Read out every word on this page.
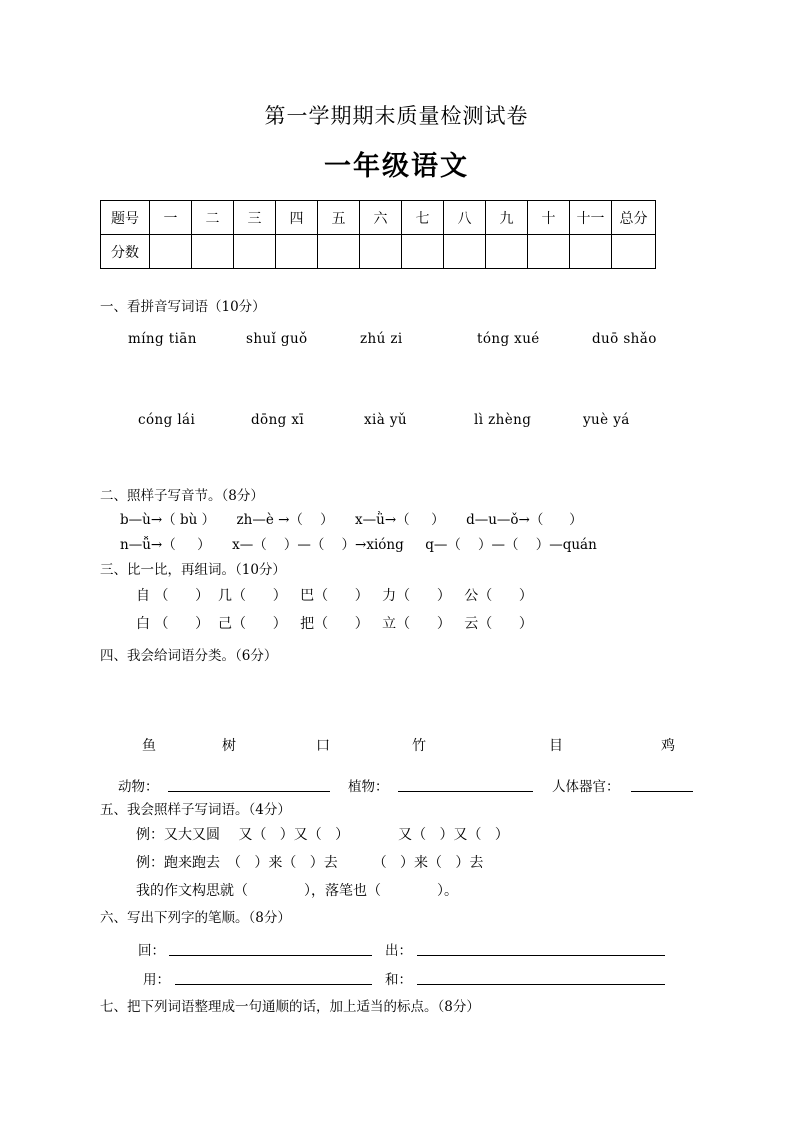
第一学期期末质量检测试卷
一年级语文
题号	一	二	三	四	五	六	七	八	九	十	十一	总分
分数												
一、看拼音写词语（10分）
míng tiān	shuǐ guǒ	zhú zi	tóng xué	duō shǎo
cóng lái	dōng xī	xià yǔ	lì zhèng	yuè yá
二、照样子写音节。（8分）
b—ù→（ bù ）     zh—è →（    ）     x—ǜ→（     ）     d—u—ǒ→（      ）
n—ǚ→（     ）     x—（    ）—（    ）→xióng     q—（    ）—（    ）—quán
三、比一比，再组词。（10分）
自 （      ）  几（      ）   巴（      ）   力（      ）   公（      ）
白 （      ）  己（      ）   把（      ）   立（      ）   云（      ）
四、我会给词语分类。（6分）
鱼	树	口	竹	目	鸡
动物：	植物：	人体器官：
五、我会照样子写词语。（4分）
例：又大又圆　 又（   ）又（   ）　　　　又（   ）又（   ）
例：跑来跑去　（   ）来（   ）去　　　（   ）来（   ）去
我的作文构思就（　　　　），落笔也（　　　　）。
六、写出下列字的笔顺。（8分）
回：	出：
用：	和：
七、把下列词语整理成一句通顺的话，加上适当的标点。（8分）
